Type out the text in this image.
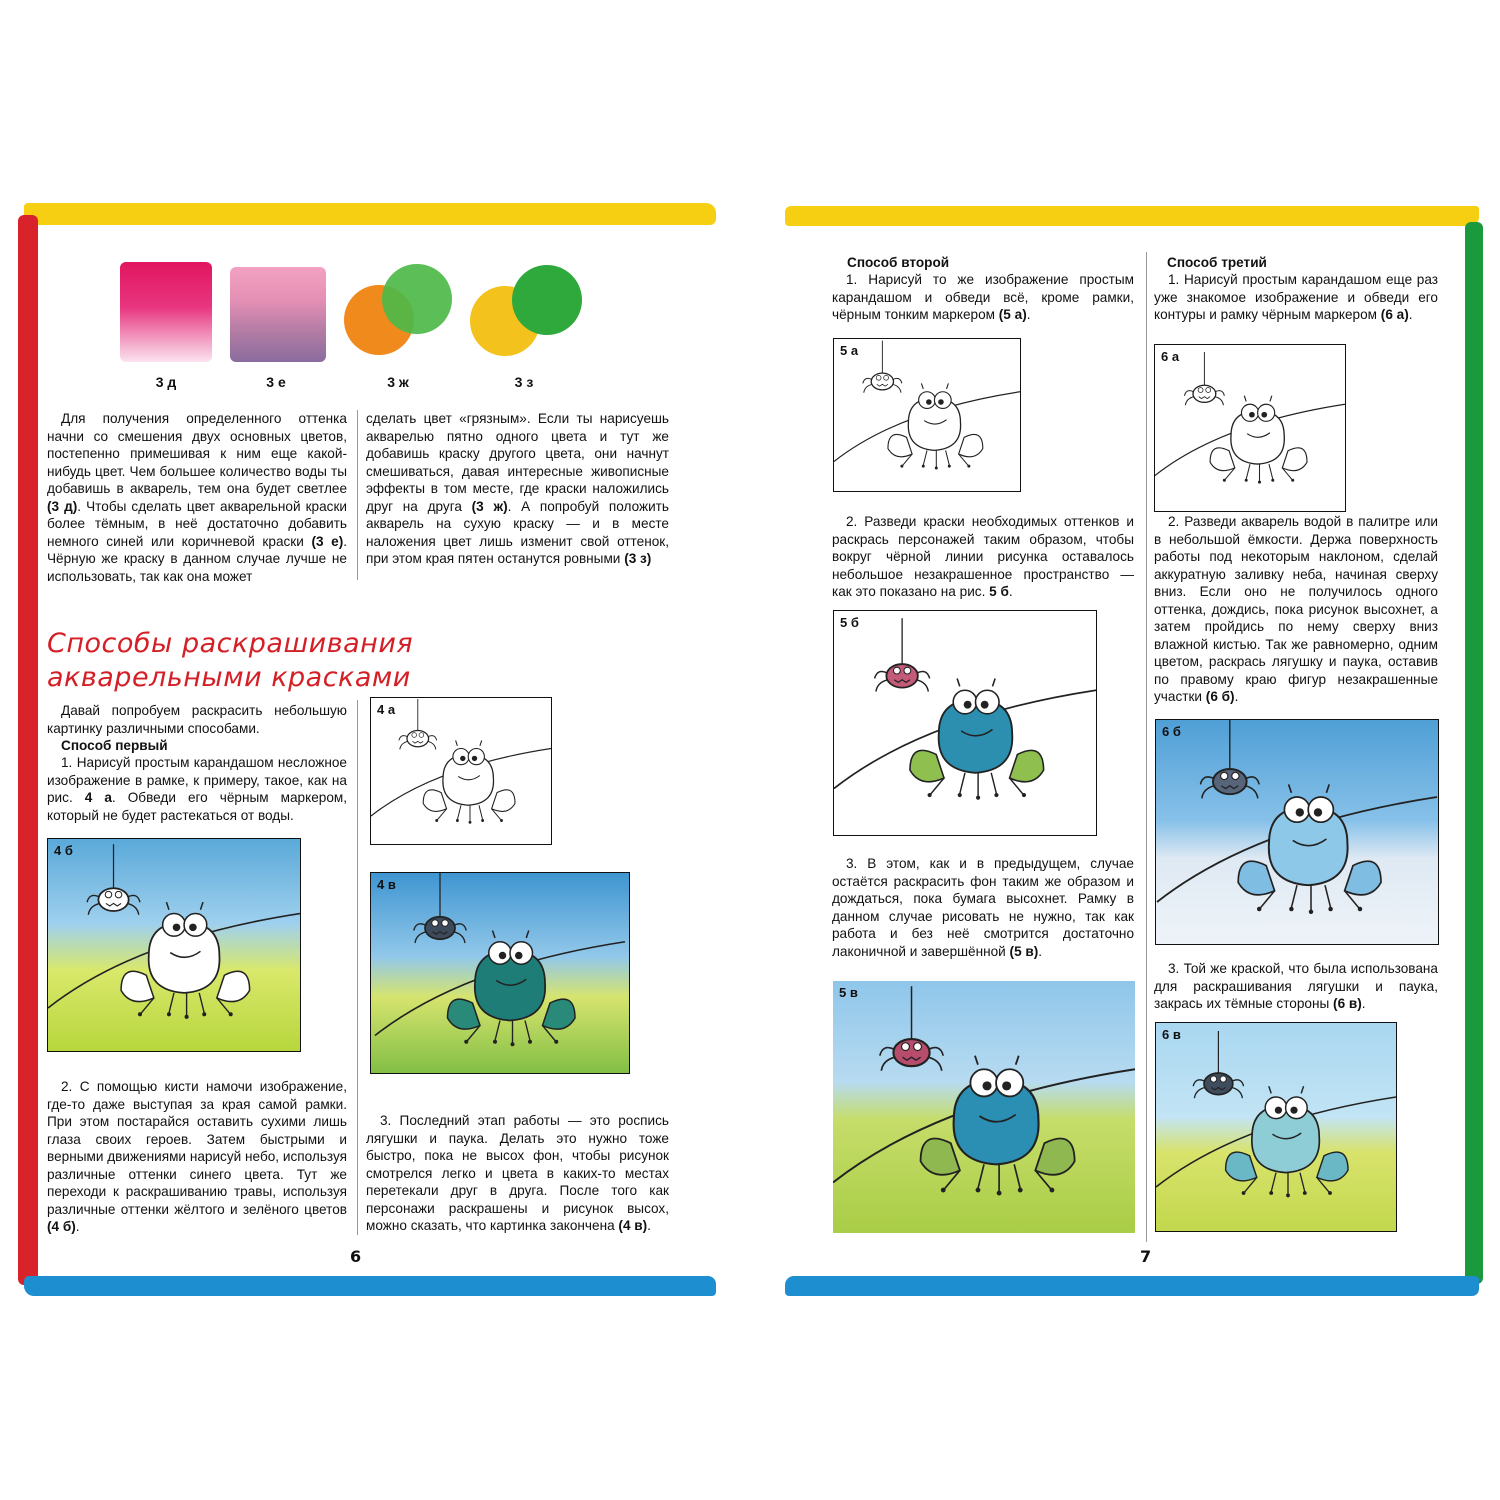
3 д	3 е	3 ж	3 з
Для получения определенного оттенка начни со смешения двух основных цветов, постепенно примешивая к ним еще какой-нибудь цвет. Чем большее количество воды ты добавишь в акварель, тем она будет светлее (3 д). Чтобы сделать цвет акварельной краски более тёмным, в неё достаточно добавить немного синей или коричневой краски (3 е). Чёрную же краску в данном случае лучше не использовать, так как она может
сделать цвет «грязным». Если ты нарисуешь акварелью пятно одного цвета и тут же добавишь краску другого цвета, они начнут смешиваться, давая интересные живописные эффекты в том месте, где краски наложились друг на друга (3 ж). А попробуй положить акварель на сухую краску — и в месте наложения цвет лишь изменит свой оттенок, при этом края пятен останутся ровными (3 з)
Способы раскрашивания акварельными красками
Давай попробуем раскрасить небольшую картинку различными способами.
Способ первый
1. Нарисуй простым карандашом несложное изображение в рамке, к примеру, такое, как на рис. 4 а. Обведи его чёрным маркером, который не будет растекаться от воды.
4 а
4 б
4 в
2. С помощью кисти намочи изображение, где-то даже выступая за края самой рамки. При этом постарайся оставить сухими лишь глаза своих героев. Затем быстрыми и верными движениями нарисуй небо, используя различные оттенки синего цвета. Тут же переходи к раскрашиванию травы, используя различные оттенки жёлтого и зелёного цветов (4 б).
3. Последний этап работы — это роспись лягушки и паука. Делать это нужно тоже быстро, пока не высох фон, чтобы рисунок смотрелся легко и цвета в каких-то местах перетекали друг в друга. После того как персонажи раскрашены и рисунок высох, можно сказать, что картинка закончена (4 в).
6
Способ второй
1. Нарисуй то же изображение простым карандашом и обведи всё, кроме рамки, чёрным тонким маркером (5 а).
5 а
2. Разведи краски необходимых оттенков и раскрась персонажей таким образом, чтобы вокруг чёрной линии рисунка оставалось небольшое незакрашенное пространство — как это показано на рис. 5 б.
5 б
3. В этом, как и в предыдущем, случае остаётся раскрасить фон таким же образом и дождаться, пока бумага высохнет. Рамку в данном случае рисовать не нужно, так как работа и без неё смотрится достаточно лаконичной и завершённой (5 в).
5 в
Способ третий
1. Нарисуй простым карандашом еще раз уже знакомое изображение и обведи его контуры и рамку чёрным маркером (6 а).
6 а
2. Разведи акварель водой в палитре или в небольшой ёмкости. Держа поверхность работы под некоторым наклоном, сделай аккуратную заливку неба, начиная сверху вниз. Если оно не получилось одного оттенка, дождись, пока рисунок высохнет, а затем пройдись по нему сверху вниз влажной кистью. Так же равномерно, одним цветом, раскрась лягушку и паука, оставив по правому краю фигур незакрашенные участки (6 б).
6 б
3. Той же краской, что была использована для раскрашивания лягушки и паука, закрась их тёмные стороны (6 в).
6 в
7
